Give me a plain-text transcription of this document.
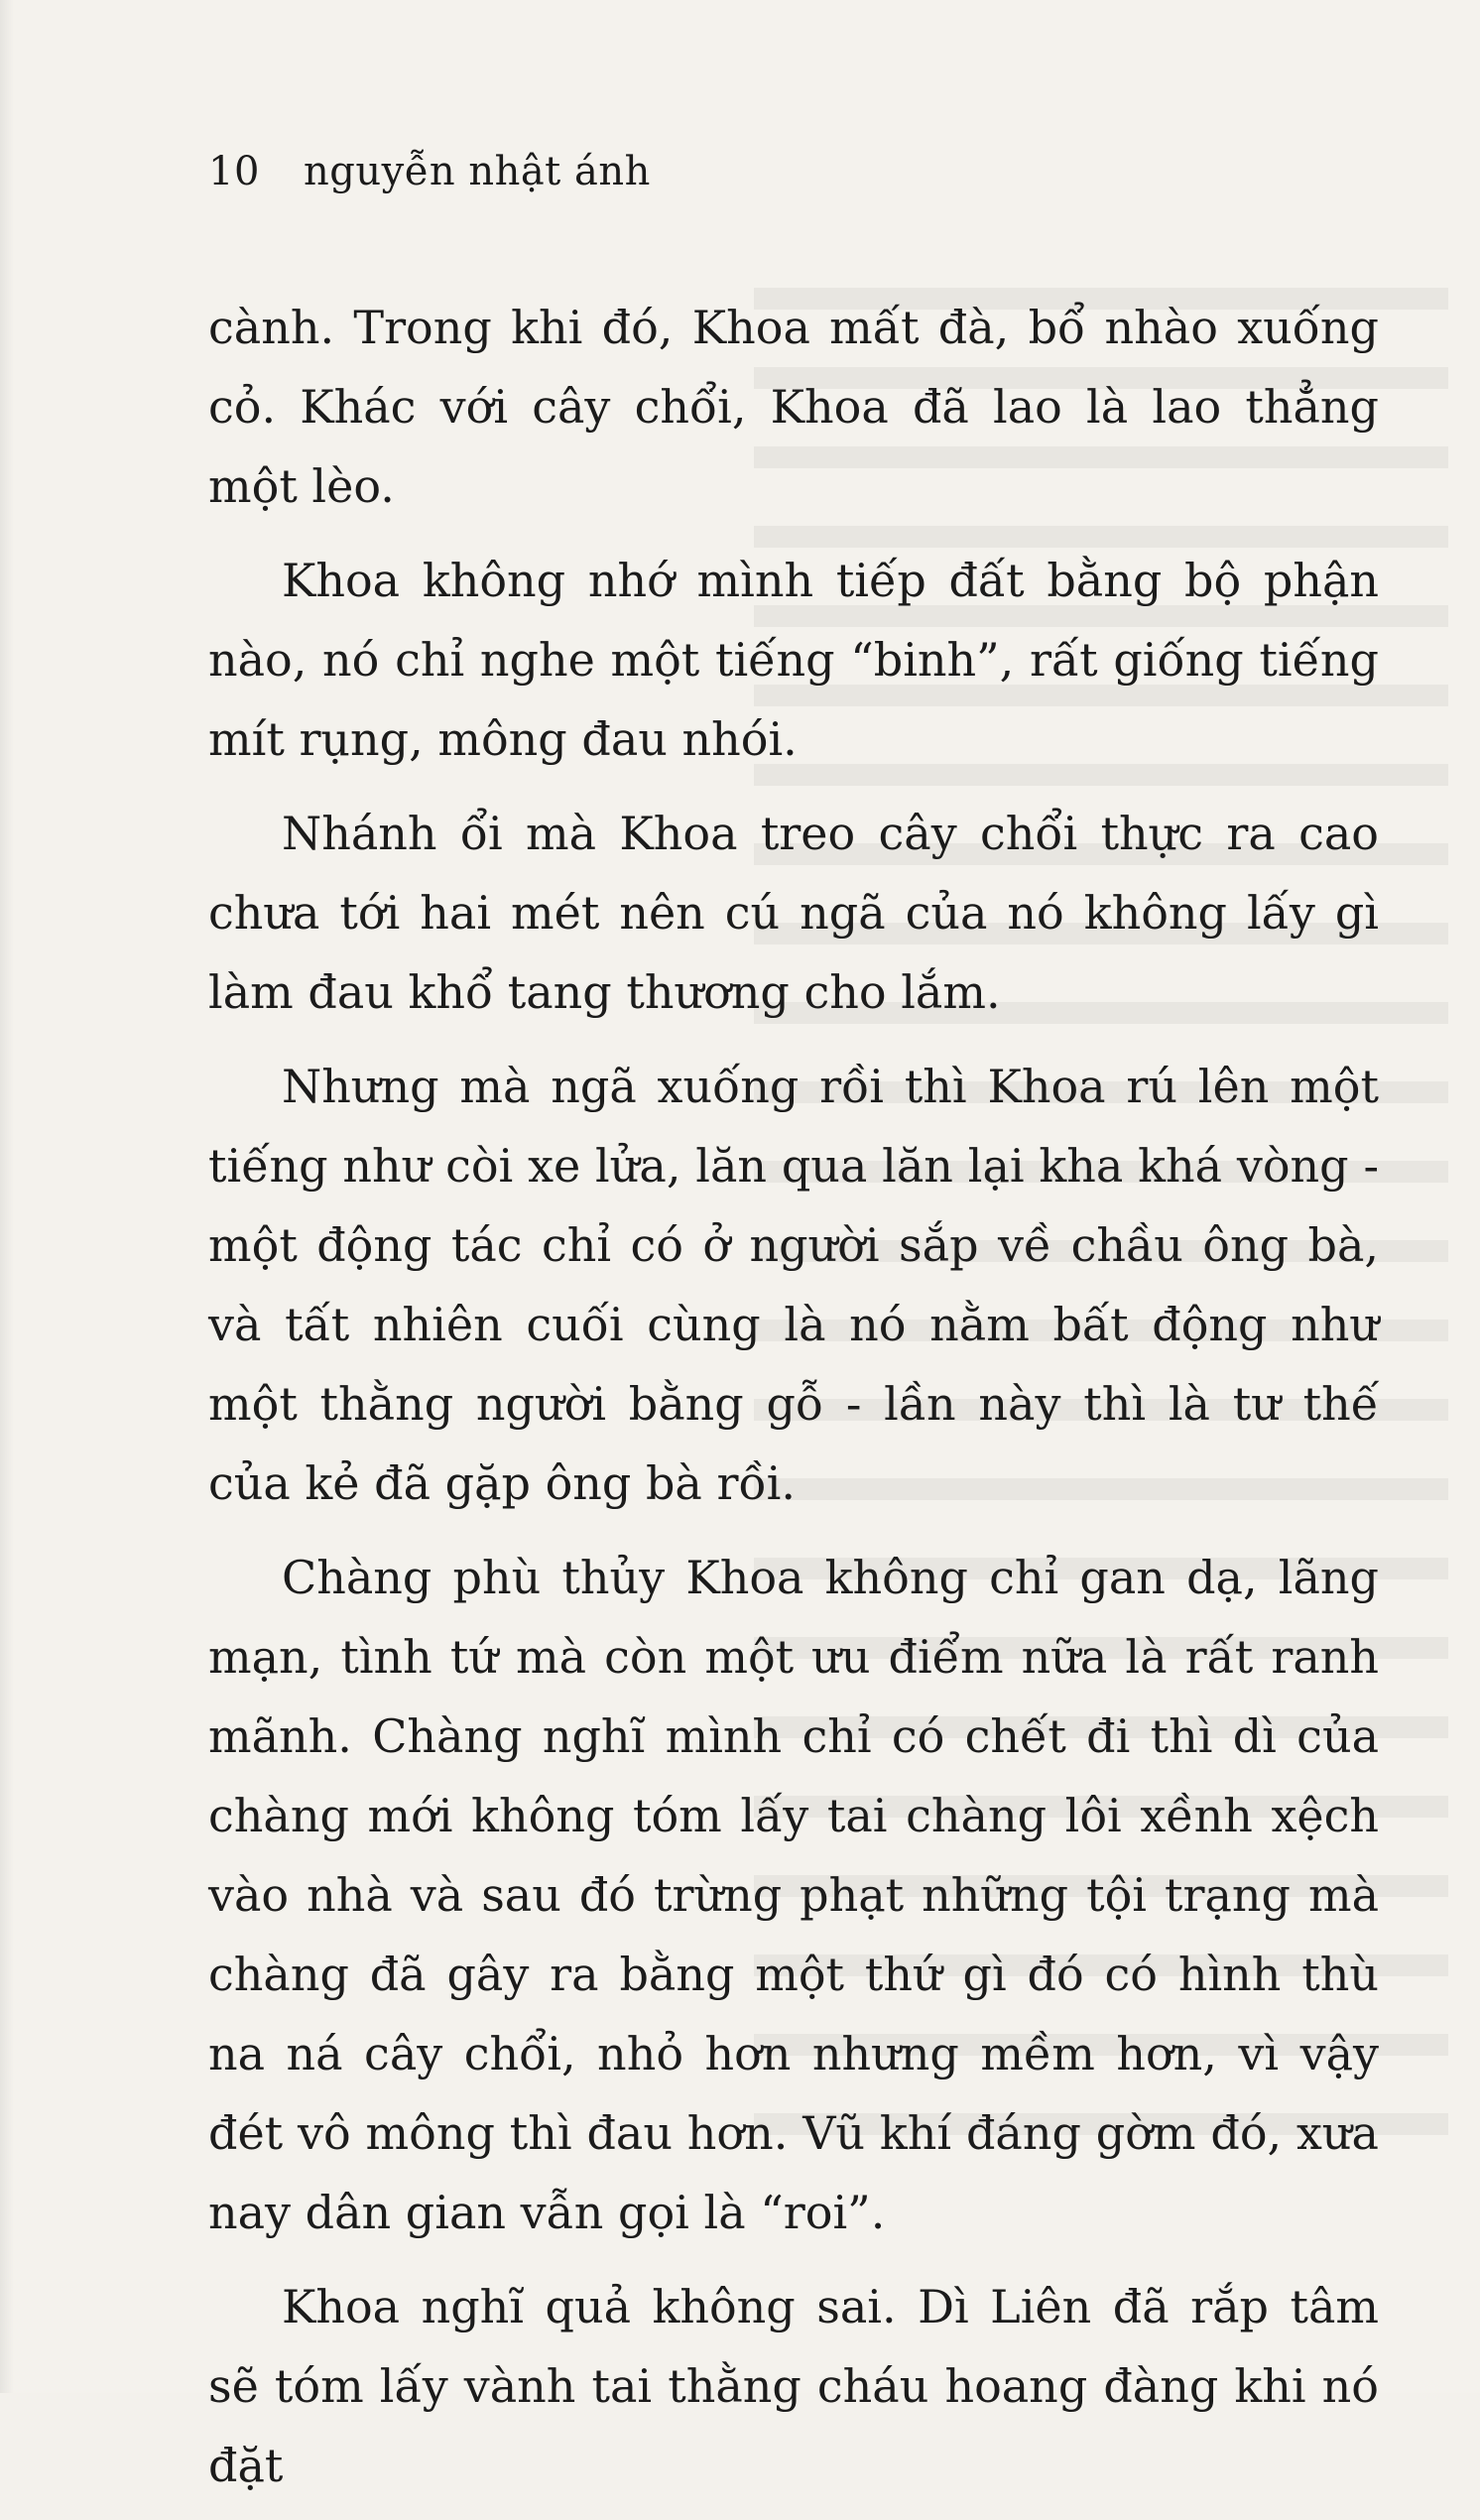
10 nguyễn nhật ánh

cành. Trong khi đó, Khoa mất đà, bổ nhào xuống cỏ. Khác với cây chổi, Khoa đã lao là lao thẳng một lèo.

Khoa không nhớ mình tiếp đất bằng bộ phận nào, nó chỉ nghe một tiếng “binh”, rất giống tiếng mít rụng, mông đau nhói.

Nhánh ổi mà Khoa treo cây chổi thực ra cao chưa tới hai mét nên cú ngã của nó không lấy gì làm đau khổ tang thương cho lắm.

Nhưng mà ngã xuống rồi thì Khoa rú lên một tiếng như còi xe lửa, lăn qua lăn lại kha khá vòng - một động tác chỉ có ở người sắp về chầu ông bà, và tất nhiên cuối cùng là nó nằm bất động như một thằng người bằng gỗ - lần này thì là tư thế của kẻ đã gặp ông bà rồi.

Chàng phù thủy Khoa không chỉ gan dạ, lãng mạn, tình tứ mà còn một ưu điểm nữa là rất ranh mãnh. Chàng nghĩ mình chỉ có chết đi thì dì của chàng mới không tóm lấy tai chàng lôi xềnh xệch vào nhà và sau đó trừng phạt những tội trạng mà chàng đã gây ra bằng một thứ gì đó có hình thù na ná cây chổi, nhỏ hơn nhưng mềm hơn, vì vậy đét vô mông thì đau hơn. Vũ khí đáng gờm đó, xưa nay dân gian vẫn gọi là “roi”.

Khoa nghĩ quả không sai. Dì Liên đã rắp tâm sẽ tóm lấy vành tai thằng cháu hoang đàng khi nó đặt
